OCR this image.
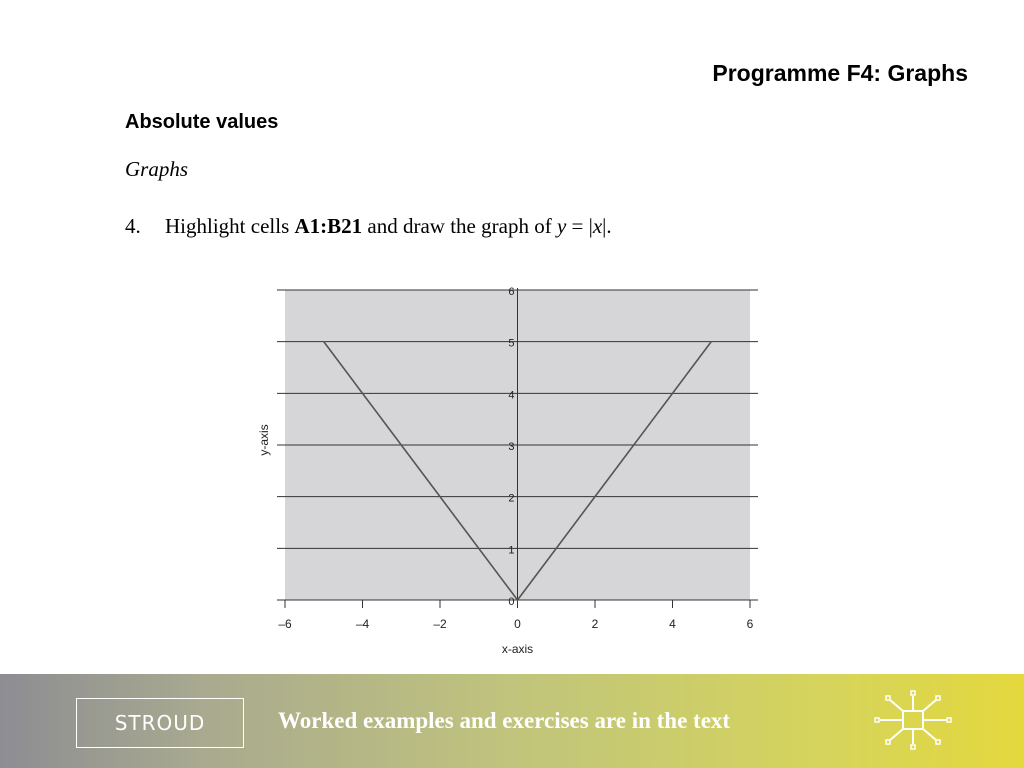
Programme F4: Graphs
Absolute values
Graphs
4. Highlight cells A1:B21 and draw the graph of y = |x|.
0
1
2
3
4
5
6
–6	–4	–2	0	2	4	6
x-axis
y-axis
STROUD	Worked examples and exercises are in the text
